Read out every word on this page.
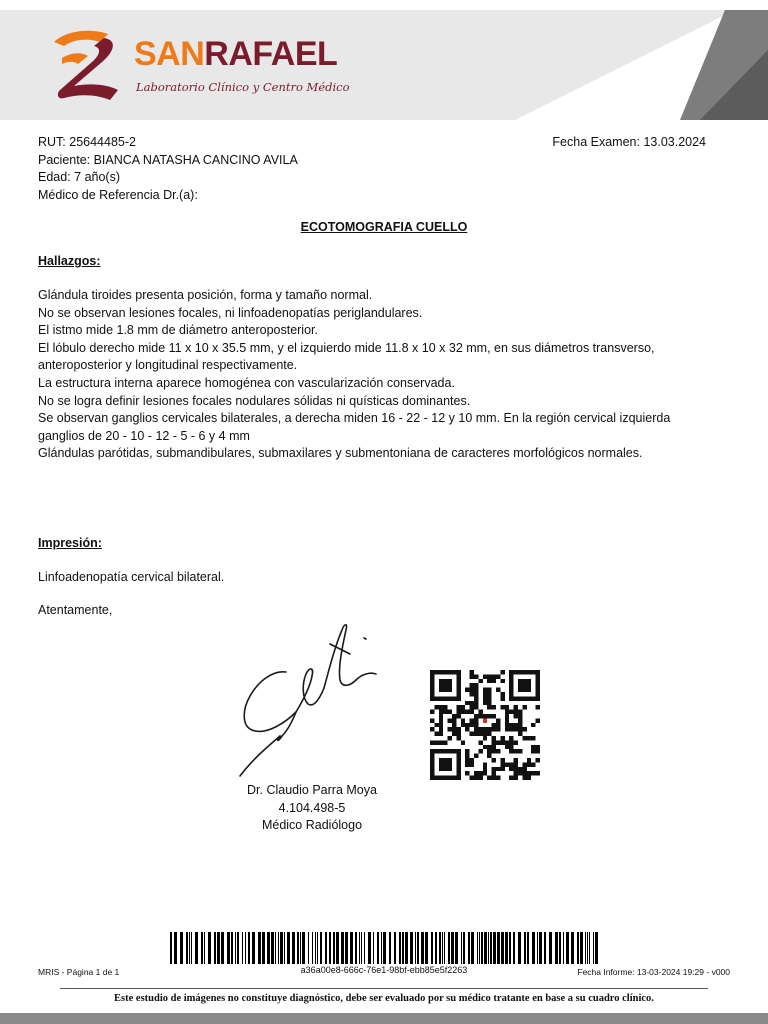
SANRAFAEL
Laboratorio Clínico y Centro Médico
RUT: 25644485-2
Paciente: BIANCA NATASHA CANCINO AVILA
Edad: 7 año(s)
Médico de Referencia Dr.(a):
Fecha Examen: 13.03.2024
ECOTOMOGRAFIA CUELLO
Hallazgos:
Glándula tiroides presenta posición, forma y tamaño normal.
No se observan lesiones focales, ni linfoadenopatías periglandulares.
El istmo mide 1.8 mm de diámetro anteroposterior.
El lóbulo derecho mide 11 x 10 x 35.5 mm, y el izquierdo mide 11.8 x 10 x 32 mm, en sus diámetros transverso,
anteroposterior y longitudinal respectivamente.
La estructura interna aparece homogénea con vascularización conservada.
No se logra definir lesiones focales nodulares sólidas ni quísticas dominantes.
Se observan ganglios cervicales bilaterales, a derecha miden 16 - 22 - 12 y 10 mm. En la región cervical izquierda
ganglios de 20 - 10 - 12 - 5 - 6 y 4 mm
Glándulas parótidas, submandibulares, submaxilares y submentoniana de caracteres morfológicos normales.
Impresión:
Linfoadenopatía cervical bilateral.
Atentamente,
Dr. Claudio Parra Moya
4.104.498-5
Médico Radiólogo
a36a00e8-666c-76e1-98bf-ebb85e5f2263
MRIS - Página 1 de 1	Fecha Informe: 13-03-2024 19:29 - v000
Este estudio de imágenes no constituye diagnóstico, debe ser evaluado por su médico tratante en base a su cuadro clínico.
